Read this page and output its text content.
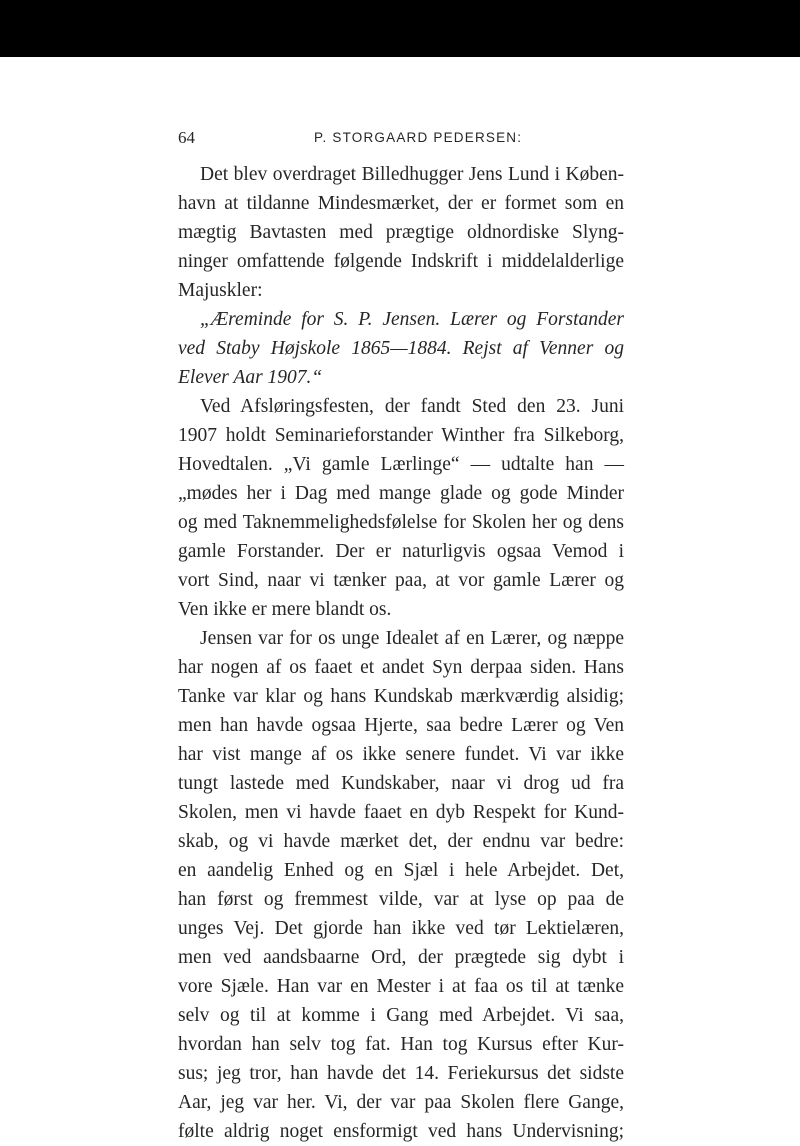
64	P. STORGAARD PEDERSEN:
Det blev overdraget Billedhugger Jens Lund i Køben-
havn at tildanne Mindesmærket, der er formet som en
mægtig Bavtasten med prægtige oldnordiske Slyng-
ninger omfattende følgende Indskrift i middelalderlige
Majuskler:
„Æreminde for S. P. Jensen. Lærer og Forstander
ved Staby Højskole 1865—1884. Rejst af Venner og
Elever Aar 1907.“
Ved Afsløringsfesten, der fandt Sted den 23. Juni
1907 holdt Seminarieforstander Winther fra Silkeborg,
Hovedtalen. „Vi gamle Lærlinge“ — udtalte han —
„mødes her i Dag med mange glade og gode Minder
og med Taknemmelighedsfølelse for Skolen her og dens
gamle Forstander. Der er naturligvis ogsaa Vemod i
vort Sind, naar vi tænker paa, at vor gamle Lærer og
Ven ikke er mere blandt os.
Jensen var for os unge Idealet af en Lærer, og næppe
har nogen af os faaet et andet Syn derpaa siden. Hans
Tanke var klar og hans Kundskab mærkværdig alsidig;
men han havde ogsaa Hjerte, saa bedre Lærer og Ven
har vist mange af os ikke senere fundet. Vi var ikke
tungt lastede med Kundskaber, naar vi drog ud fra
Skolen, men vi havde faaet en dyb Respekt for Kund-
skab, og vi havde mærket det, der endnu var bedre:
en aandelig Enhed og en Sjæl i hele Arbejdet. Det,
han først og fremmest vilde, var at lyse op paa de
unges Vej. Det gjorde han ikke ved tør Lektielæren,
men ved aandsbaarne Ord, der prægtede sig dybt i
vore Sjæle. Han var en Mester i at faa os til at tænke
selv og til at komme i Gang med Arbejdet. Vi saa,
hvordan han selv tog fat. Han tog Kursus efter Kur-
sus; jeg tror, han havde det 14. Feriekursus det sidste
Aar, jeg var her. Vi, der var paa Skolen flere Gange,
følte aldrig noget ensformigt ved hans Undervisning;
